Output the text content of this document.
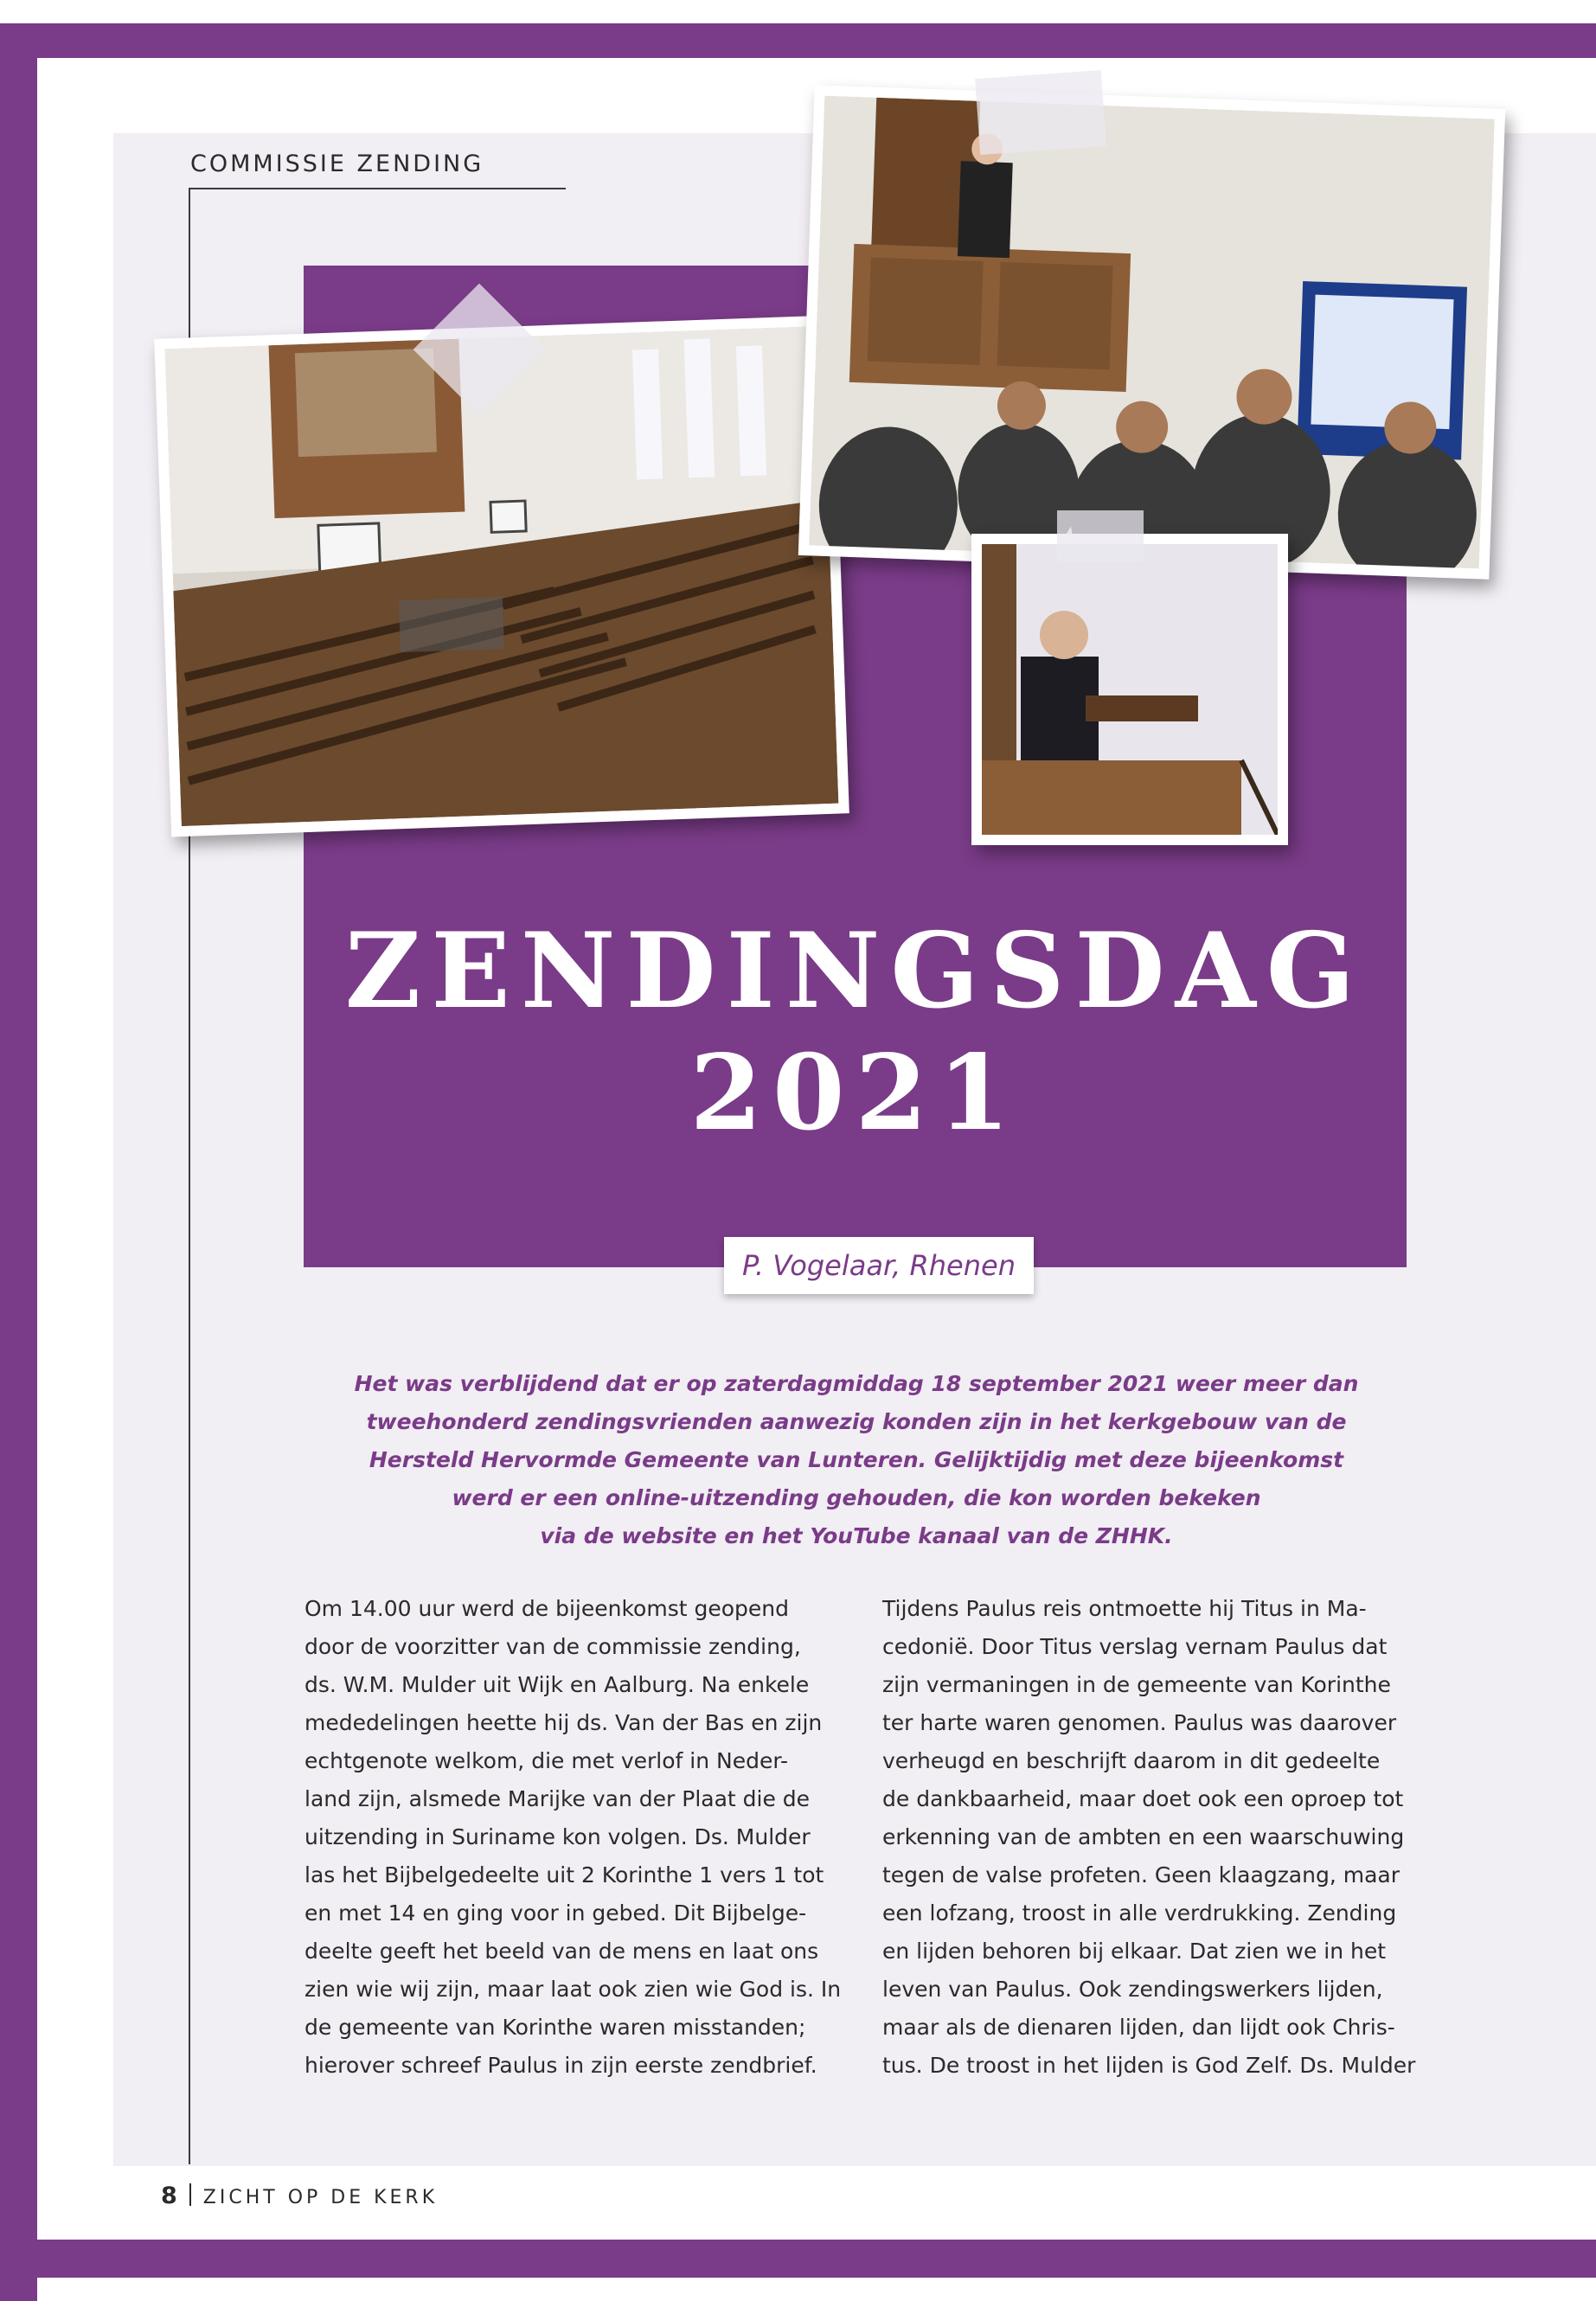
COMMISSIE ZENDING
ZENDINGSDAG
2021
P. Vogelaar, Rhenen
Het was verblijdend dat er op zaterdagmiddag 18 september 2021 weer meer dan
tweehonderd zendingsvrienden aanwezig konden zijn in het kerkgebouw van de
Hersteld Hervormde Gemeente van Lunteren. Gelijktijdig met deze bijeenkomst
werd er een online-uitzending gehouden, die kon worden bekeken
via de website en het YouTube kanaal van de ZHHK.
Om 14.00 uur werd de bijeenkomst geopend
door de voorzitter van de commissie zending,
ds. W.M. Mulder uit Wijk en Aalburg. Na enkele
mededelingen heette hij ds. Van der Bas en zijn
echtgenote welkom, die met verlof in Neder-
land zijn, alsmede Marijke van der Plaat die de
uitzending in Suriname kon volgen. Ds. Mulder
las het Bijbelgedeelte uit 2 Korinthe 1 vers 1 tot
en met 14 en ging voor in gebed. Dit Bijbelge-
deelte geeft het beeld van de mens en laat ons
zien wie wij zijn, maar laat ook zien wie God is. In
de gemeente van Korinthe waren misstanden;
hierover schreef Paulus in zijn eerste zendbrief.
Tijdens Paulus reis ontmoette hij Titus in Ma-
cedonië. Door Titus verslag vernam Paulus dat
zijn vermaningen in de gemeente van Korinthe
ter harte waren genomen. Paulus was daarover
verheugd en beschrijft daarom in dit gedeelte
de dankbaarheid, maar doet ook een oproep tot
erkenning van de ambten en een waarschuwing
tegen de valse profeten. Geen klaagzang, maar
een lofzang, troost in alle verdrukking. Zending
en lijden behoren bij elkaar. Dat zien we in het
leven van Paulus. Ook zendingswerkers lijden,
maar als de dienaren lijden, dan lijdt ook Chris-
tus. De troost in het lijden is God Zelf. Ds. Mulder
8 ZICHT OP DE KERK
